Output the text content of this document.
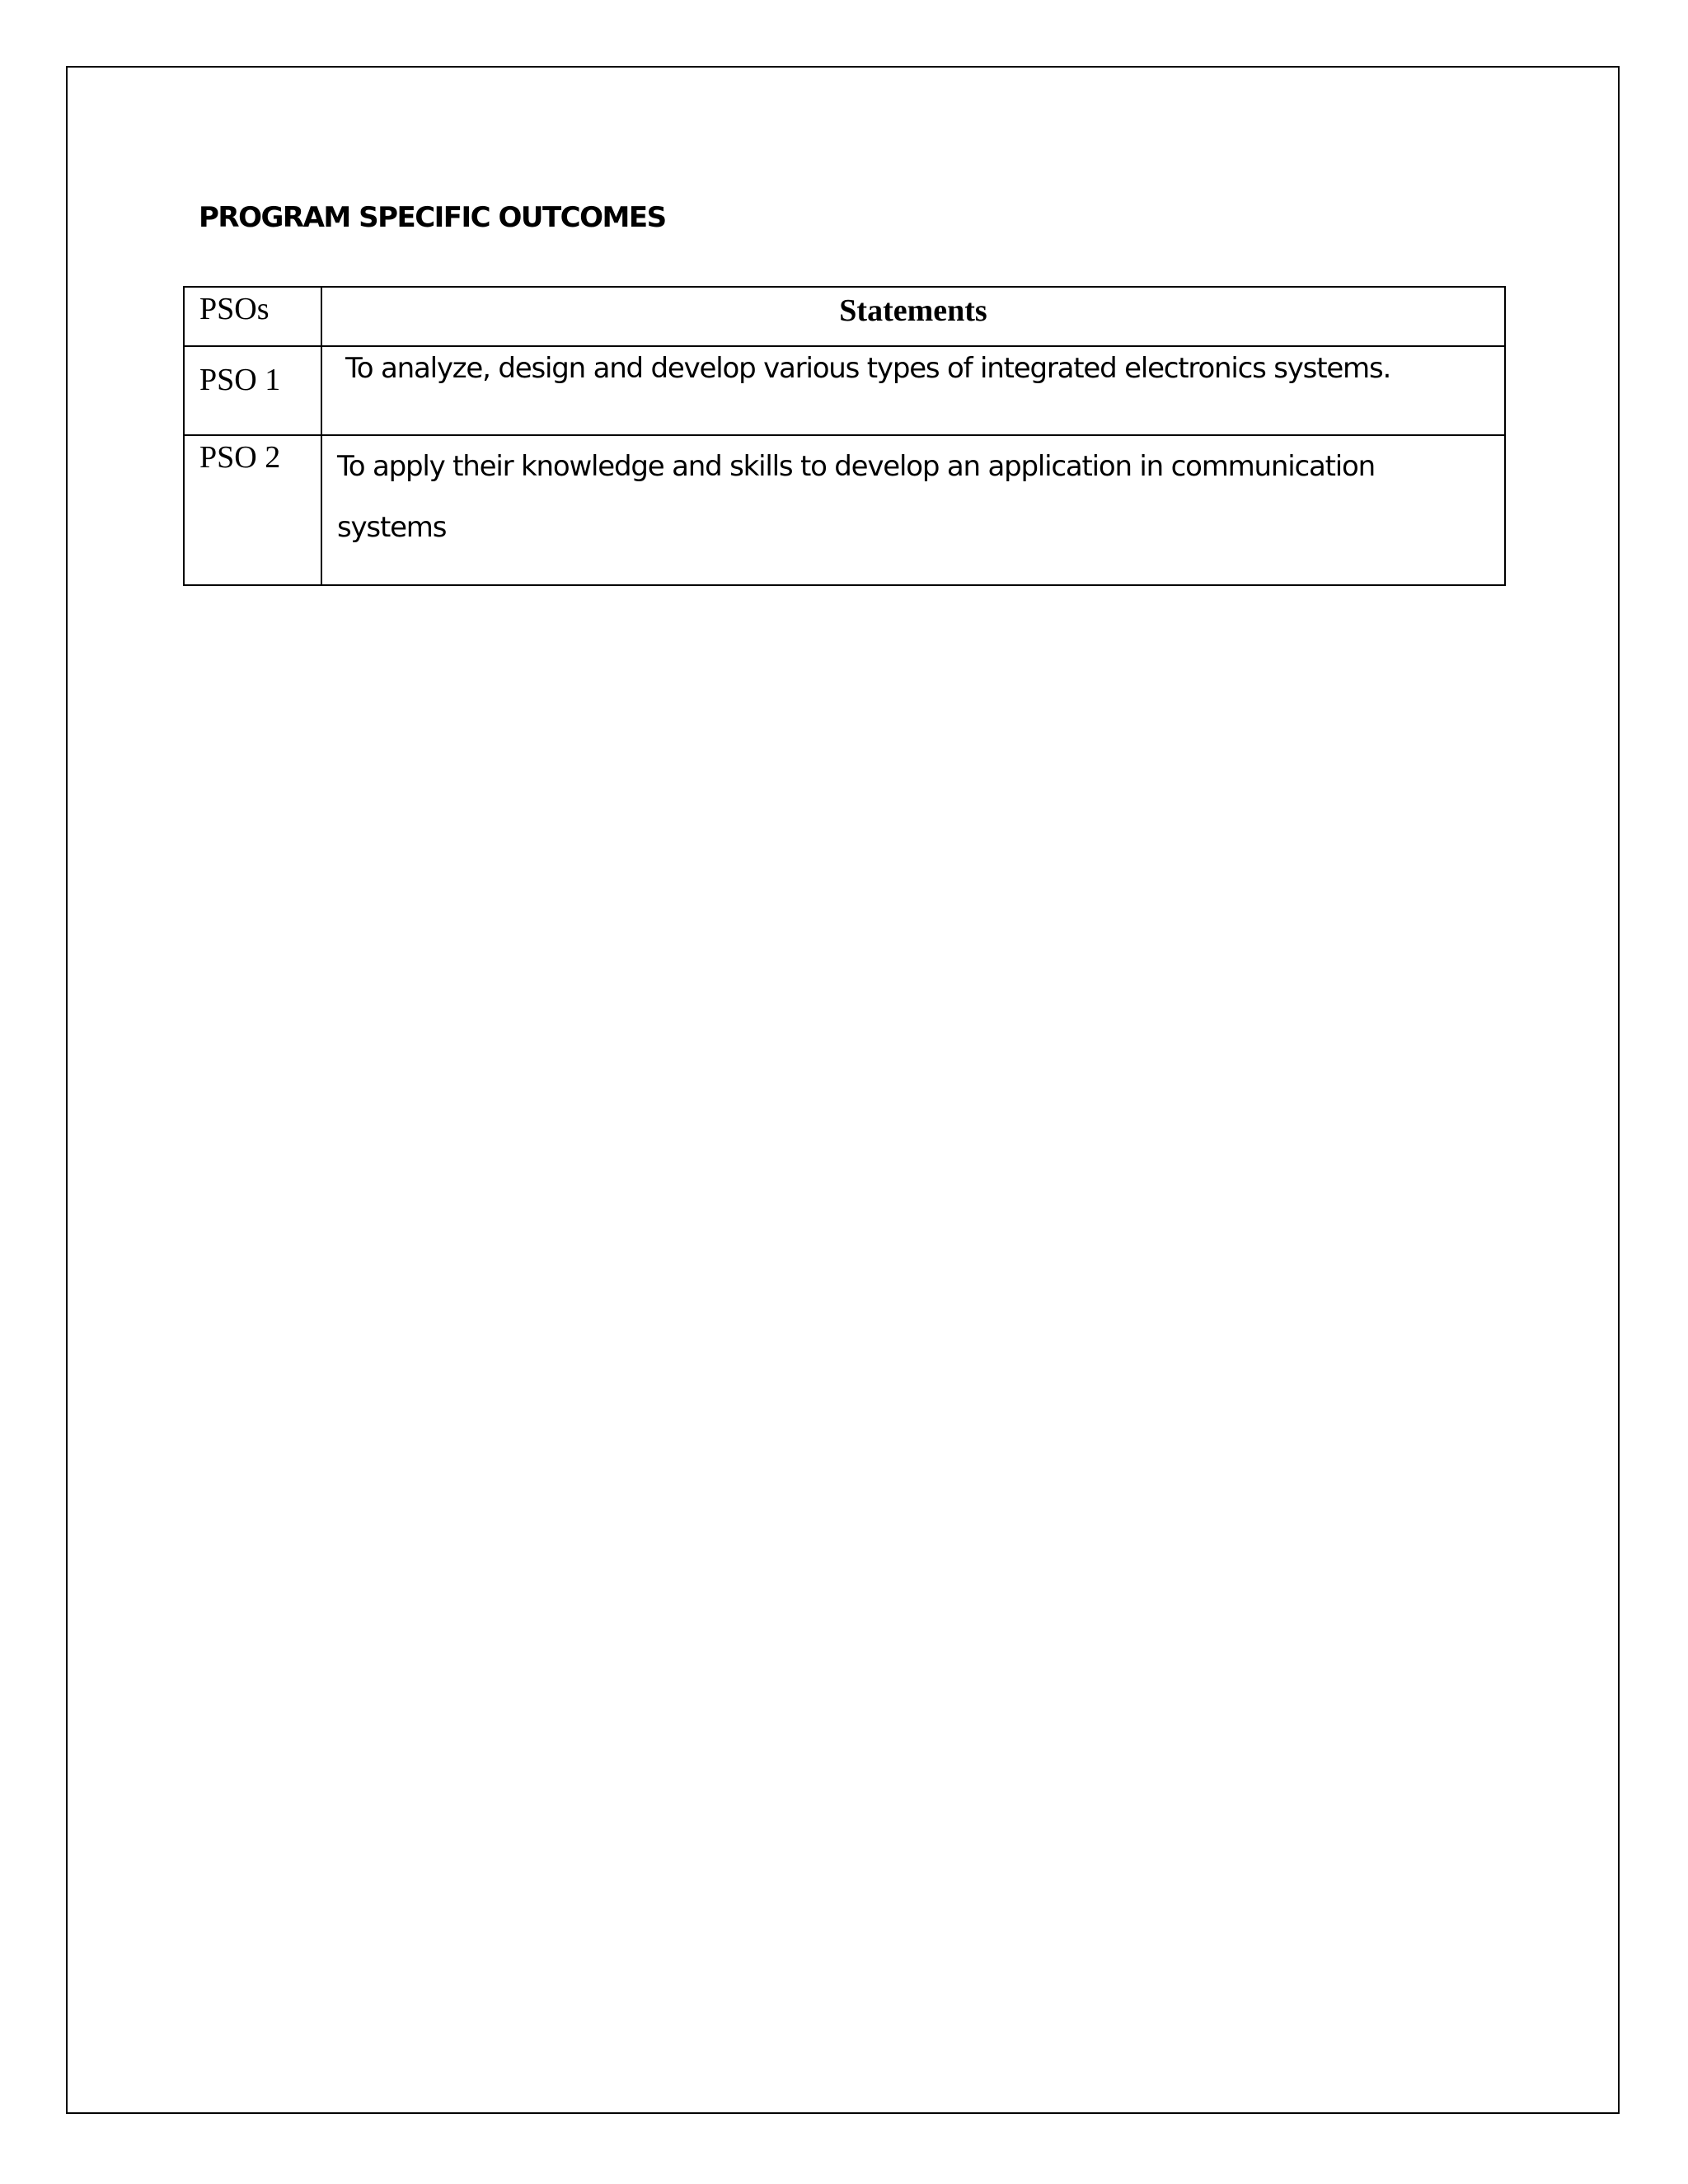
PROGRAM SPECIFIC OUTCOMES
PSOs	Statements
PSO 1	To analyze, design and develop various types of integrated electronics systems.
PSO 2	To apply their knowledge and skills to develop an application in communication systems
